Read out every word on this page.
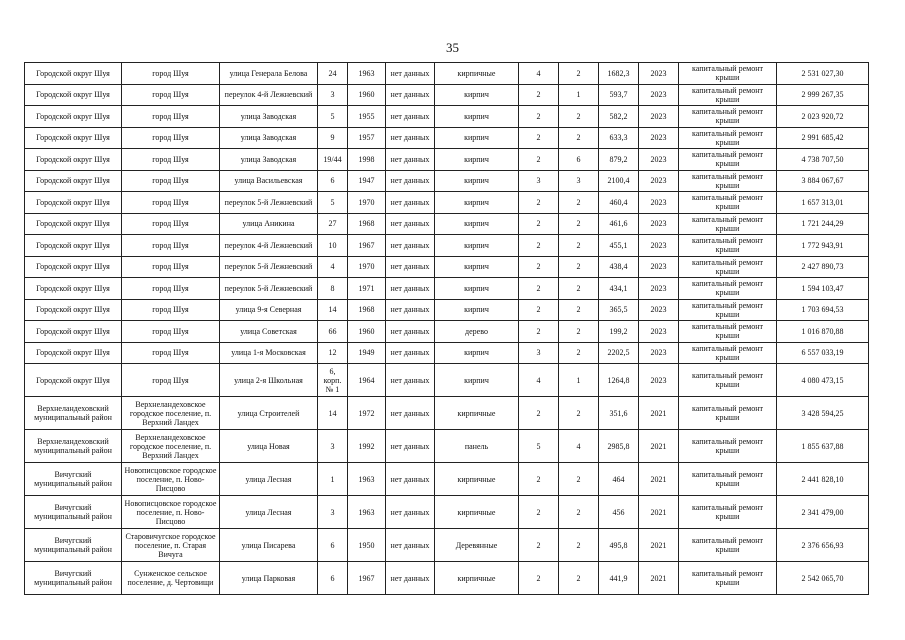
35
Городской округ Шуя	город Шуя	улица Генерала Белова	24	1963	нет данных	кирпичные	4	2	1682,3	2023	капитальный ремонт крыши	2 531 027,30
Городской округ Шуя	город Шуя	переулок 4-й Лежневский	3	1960	нет данных	кирпич	2	1	593,7	2023	капитальный ремонт крыши	2 999 267,35
Городской округ Шуя	город Шуя	улица Заводская	5	1955	нет данных	кирпич	2	2	582,2	2023	капитальный ремонт крыши	2 023 920,72
Городской округ Шуя	город Шуя	улица Заводская	9	1957	нет данных	кирпич	2	2	633,3	2023	капитальный ремонт крыши	2 991 685,42
Городской округ Шуя	город Шуя	улица Заводская	19/44	1998	нет данных	кирпич	2	6	879,2	2023	капитальный ремонт крыши	4 738 707,50
Городской округ Шуя	город Шуя	улица Васильевская	6	1947	нет данных	кирпич	3	3	2100,4	2023	капитальный ремонт крыши	3 884 067,67
Городской округ Шуя	город Шуя	переулок 5-й Лежневский	5	1970	нет данных	кирпич	2	2	460,4	2023	капитальный ремонт крыши	1 657 313,01
Городской округ Шуя	город Шуя	улица Аникина	27	1968	нет данных	кирпич	2	2	461,6	2023	капитальный ремонт крыши	1 721 244,29
Городской округ Шуя	город Шуя	переулок 4-й Лежневский	10	1967	нет данных	кирпич	2	2	455,1	2023	капитальный ремонт крыши	1 772 943,91
Городской округ Шуя	город Шуя	переулок 5-й Лежневский	4	1970	нет данных	кирпич	2	2	438,4	2023	капитальный ремонт крыши	2 427 890,73
Городской округ Шуя	город Шуя	переулок 5-й Лежневский	8	1971	нет данных	кирпич	2	2	434,1	2023	капитальный ремонт крыши	1 594 103,47
Городской округ Шуя	город Шуя	улица 9-я Северная	14	1968	нет данных	кирпич	2	2	365,5	2023	капитальный ремонт крыши	1 703 694,53
Городской округ Шуя	город Шуя	улица Советская	66	1960	нет данных	дерево	2	2	199,2	2023	капитальный ремонт крыши	1 016 870,88
Городской округ Шуя	город Шуя	улица 1-я Московская	12	1949	нет данных	кирпич	3	2	2202,5	2023	капитальный ремонт крыши	6 557 033,19
Городской округ Шуя	город Шуя	улица 2-я Школьная	6, корп. № 1	1964	нет данных	кирпич	4	1	1264,8	2023	капитальный ремонт крыши	4 080 473,15
Верхнеландеховский муниципальный район	Верхнеландеховское городское поселение, п. Верхний Ландех	улица Строителей	14	1972	нет данных	кирпичные	2	2	351,6	2021	капитальный ремонт крыши	3 428 594,25
Верхнеландеховский муниципальный район	Верхнеландеховское городское поселение, п. Верхний Ландех	улица Новая	3	1992	нет данных	панель	5	4	2985,8	2021	капитальный ремонт крыши	1 855 637,88
Вичугский муниципальный район	Новописцовское городское поселение, п. Ново-Писцово	улица Лесная	1	1963	нет данных	кирпичные	2	2	464	2021	капитальный ремонт крыши	2 441 828,10
Вичугский муниципальный район	Новописцовское городское поселение, п. Ново-Писцово	улица Лесная	3	1963	нет данных	кирпичные	2	2	456	2021	капитальный ремонт крыши	2 341 479,00
Вичугский муниципальный район	Старовичугское городское поселение, п. Старая Вичуга	улица Писарева	6	1950	нет данных	Деревянные	2	2	495,8	2021	капитальный ремонт крыши	2 376 656,93
Вичугский муниципальный район	Сунженское сельское поселение, д. Чертовищи	улица Парковая	6	1967	нет данных	кирпичные	2	2	441,9	2021	капитальный ремонт крыши	2 542 065,70
